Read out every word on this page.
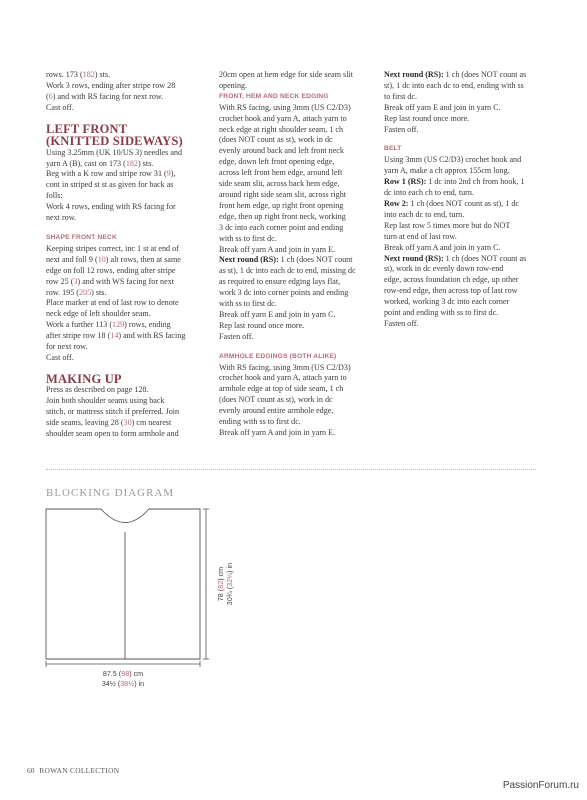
rows. 173 (182) sts.

Work 3 rows, ending after stripe row 28

(6) and with RS facing for next row.

Cast off.

LEFT FRONT

(KNITTED SIDEWAYS)

Using 3.25mm (UK 10/US 3) needles and

yarn A (B), cast on 173 (182) sts.

Beg with a K row and stripe row 31 (9),

cont in striped st st as given for back as

folls:

Work 4 rows, ending with RS facing for

next row.

SHAPE FRONT NECK

Keeping stripes correct, inc 1 st at end of

next and foll 9 (10) alt rows, then at same

edge on foll 12 rows, ending after stripe

row 25 (3) and with WS facing for next

row. 195 (205) sts.

Place marker at end of last row to denote

neck edge of left shoulder seam.

Work a further 113 (129) rows, ending

after stripe row 18 (14) and with RS facing

for next row.

Cast off.

MAKING UP

Press as described on page 128.

Join both shoulder seams using back

stitch, or mattress stitch if preferred. Join

side seams, leaving 28 (30) cm nearest

shoulder seam open to form armhole and

20cm open at hem edge for side seam slit

opening.

FRONT, HEM AND NECK EDGING

With RS facing, using 3mm (US C2/D3)

crochet hook and yarn A, attach yarn to

neck edge at right shoulder seam, 1 ch

(does NOT count as st), work in dc

evenly around back and left front neck

edge, down left front opening edge,

across left front hem edge, around left

side seam slit, across back hem edge,

around right side seam slit, across right

front hem edge, up right front opening

edge, then up right front neck, working

3 dc into each corner point and ending

with ss to first dc.

Break off yarn A and join in yarn E.

Next round (RS): 1 ch (does NOT count

as st), 1 dc into each dc to end, missing dc

as required to ensure edging lays flat,

work 3 dc into corner points and ending

with ss to first dc.

Break off yarn E and join in yarn C.

Rep last round once more.

Fasten off.

ARMHOLE EDGINGS (BOTH ALIKE)

With RS facing, using 3mm (US C2/D3)

crochet hook and yarn A, attach yarn to

armhole edge at top of side seam, 1 ch

(does NOT count as st), work in dc

evenly around entire armhole edge,

ending with ss to first dc.

Break off yarn A and join in yarn E.

Next round (RS): 1 ch (does NOT count as

st), 1 dc into each dc to end, ending with ss

to first dc.

Break off yarn E and join in yarn C.

Rep last round once more.

Fasten off.

BELT

Using 3mm (US C2/D3) crochet hook and

yarn A, make a ch approx 155cm long.

Row 1 (RS): 1 dc into 2nd ch from hook, 1

dc into each ch to end, turn.

Row 2: 1 ch (does NOT count as st), 1 dc

into each dc to end, turn.

Rep last row 5 times more but do NOT

turn at end of last row.

Break off yarn A and join in yarn C.

Next round (RS): 1 ch (does NOT count as

st), work in dc evenly down row-end

edge, across foundation ch edge, up other

row-end edge, then across top of last row

worked, working 3 dc into each corner

point and ending with ss to first dc.

Fasten off.

BLOCKING DIAGRAM
87.5 (98) cm
34½ (38½) in
78 (82) cm
30¾ (32¼) in
60 ROWAN COLLECTION
PassionForum.ru
